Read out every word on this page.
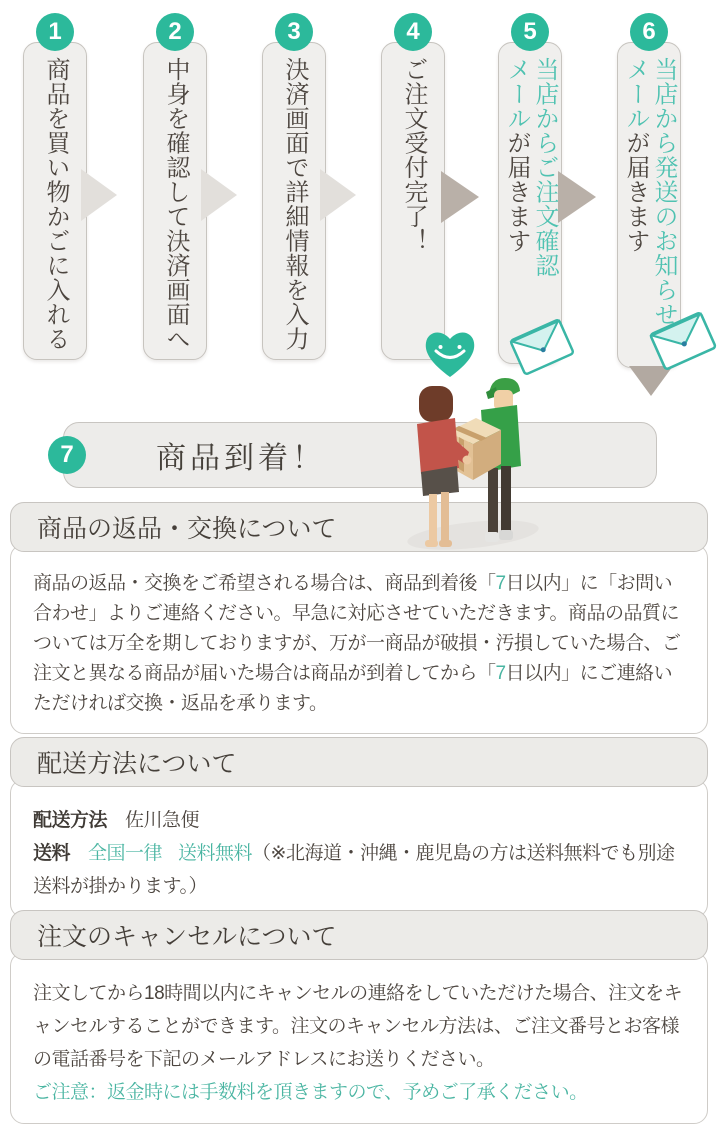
商品を買い物かごに入れる	中身を確認して決済画面へ	決済画面で詳細情報を入力	ご注文受付完了！	当店からご注文確認
メールが届きます	当店から発送のお知らせ
メールが届きます
1	2	3	4	5	6
商品到着！
7
商品の返品・交換について

商品の返品・交換をご希望される場合は、商品到着後「7日以内」に「お問い合わせ」よりご連絡ください。早急に対応させていただきます。商品の品質については万全を期しておりますが、万が一商品が破損・汚損していた場合、ご注文と異なる商品が届いた場合は商品が到着してから「7日以内」にご連絡いただければ交換・返品を承ります。

配送方法について

配送方法 佐川急便

送料 全国一律 送料無料（※北海道・沖縄・鹿児島の方は送料無料でも別途送料が掛かります。）

注文のキャンセルについて

注文してから18時間以内にキャンセルの連絡をしていただけた場合、注文をキャンセルすることができます。注文のキャンセル方法は、ご注文番号とお客様の電話番号を下記のメールアドレスにお送りください。

ご注意：返金時には手数料を頂きますので、予めご了承ください。
